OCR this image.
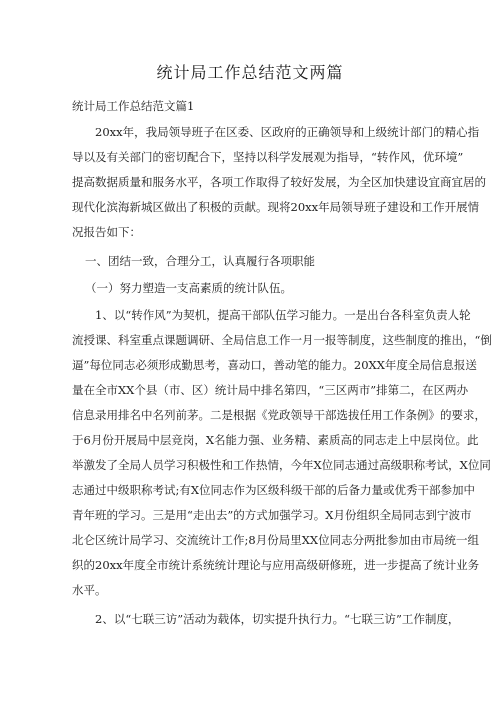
统计局工作总结范文两篇
统计局工作总结范文篇1
20xx年，我局领导班子在区委、区政府的正确领导和上级统计部门的精心指
导以及有关部门的密切配合下，坚持以科学发展观为指导，“转作风，优环境”
提高数据质量和服务水平，各项工作取得了较好发展，为全区加快建设宜商宜居的
现代化滨海新城区做出了积极的贡献。现将20xx年局领导班子建设和工作开展情
况报告如下：
一、团结一致，合理分工，认真履行各项职能
（一）努力塑造一支高素质的统计队伍。
1、以“转作风”为契机，提高干部队伍学习能力。一是出台各科室负责人轮
流授课、科室重点课题调研、全局信息工作一月一报等制度，这些制度的推出，“倒
逼”每位同志必须形成勤思考，喜动口，善动笔的能力。20XX年度全局信息报送
量在全市XX个县（市、区）统计局中排名第四，“三区两市”排第二，在区两办
信息录用排名中名列前茅。二是根据《党政领导干部选拔任用工作条例》的要求，
于6月份开展局中层竞岗，X名能力强、业务精、素质高的同志走上中层岗位。此
举激发了全局人员学习积极性和工作热情，今年X位同志通过高级职称考试，X位同
志通过中级职称考试;有X位同志作为区级科级干部的后备力量或优秀干部参加中
青年班的学习。三是用“走出去”的方式加强学习。X月份组织全局同志到宁波市
北仑区统计局学习、交流统计工作;8月份局里XX位同志分两批参加由市局统一组
织的20xx年度全市统计系统统计理论与应用高级研修班，进一步提高了统计业务
水平。
2、以“七联三访”活动为载体，切实提升执行力。“七联三访”工作制度，
